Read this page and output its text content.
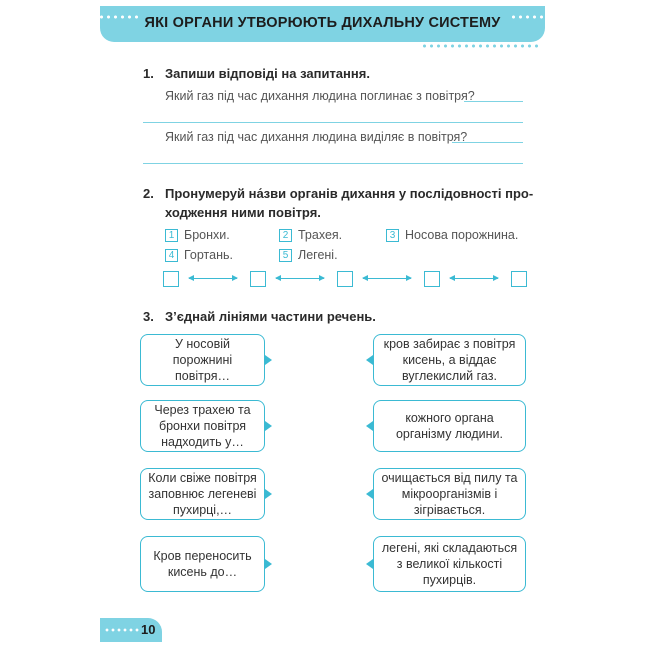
ЯКІ ОРГАНИ УТВОРЮЮТЬ ДИХАЛЬНУ СИСТЕМУ
1. Запиши відповіді на запитання.
Який газ під час дихання людина поглинає з повітря?
Який газ під час дихання людина виділяє в повітря?
2. Пронумеруй на́зви органів дихання у послідовності проходження ними повітря.
1 Бронхи.	2 Трахея.	3 Носова порожнина.
4 Гортань.	5 Легені.
3. З’єднай лініями частини речень.
У носовій порожнині повітря…
кров забирає з повітря кисень, а віддає вуглекислий газ.
Через трахею та бронхи повітря надходить у…
кожного органа організму людини.
Коли свіже повітря заповнює легеневі пухирці,…
очищається від пилу та мікроорганізмів і зігрівається.
Кров переносить кисень до…
легені, які складаються з великої кількості пухирців.
10
